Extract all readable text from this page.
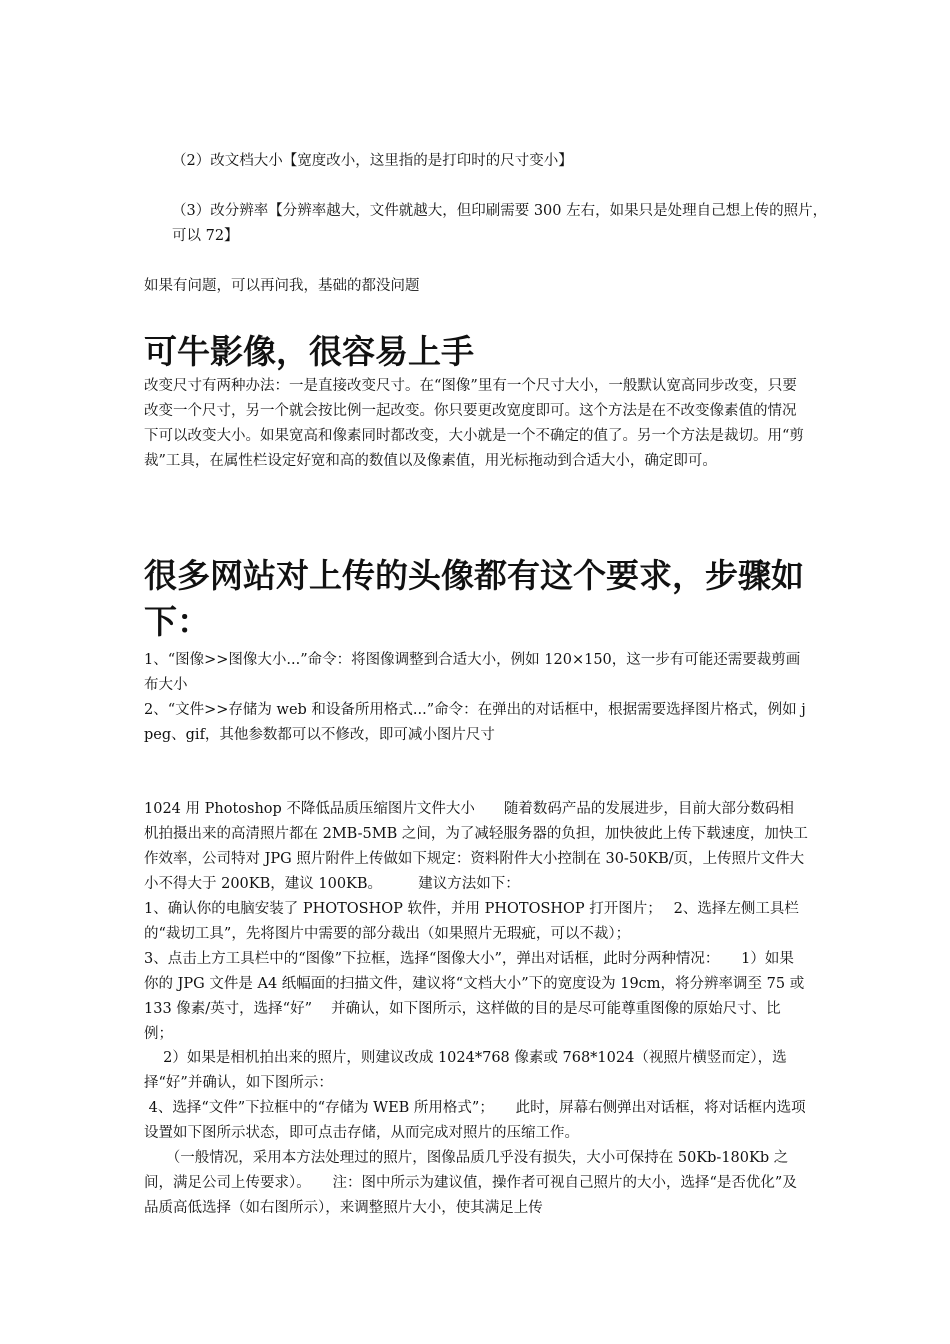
（2）改文档大小【宽度改小，这里指的是打印时的尺寸变小】

（3）改分辨率【分辨率越大，文件就越大，但印刷需要 300 左右，如果只是处理自己想上传的照片，可以 72】

如果有问题，可以再问我，基础的都没问题

可牛影像，很容易上手

改变尺寸有两种办法：一是直接改变尺寸。在“图像”里有一个尺寸大小，一般默认宽高同步改变，只要改变一个尺寸，另一个就会按比例一起改变。你只要更改宽度即可。这个方法是在不改变像素值的情况下可以改变大小。如果宽高和像素同时都改变，大小就是一个不确定的值了。另一个方法是裁切。用“剪裁”工具，在属性栏设定好宽和高的数值以及像素值，用光标拖动到合适大小，确定即可。

很多网站对上传的头像都有这个要求，步骤如下：

1、“图像>>图像大小...”命令：将图像调整到合适大小，例如 120×150，这一步有可能还需要裁剪画布大小

2、“文件>>存储为 web 和设备所用格式...”命令：在弹出的对话框中，根据需要选择图片格式，例如 jpeg、gif，其他参数都可以不修改，即可减小图片尺寸

1024 用 Photoshop 不降低品质压缩图片文件大小　　随着数码产品的发展进步，目前大部分数码相机拍摄出来的高清照片都在 2MB-5MB 之间，为了减轻服务器的负担，加快彼此上传下载速度，加快工作效率，公司特对 JPG 照片附件上传做如下规定：资料附件大小控制在 30-50KB/页，上传照片文件大小不得大于 200KB，建议 100KB。　　　建议方法如下：

1、确认你的电脑安装了 PHOTOSHOP 软件，并用 PHOTOSHOP 打开图片；　 2、选择左侧工具栏的“裁切工具”，先将图片中需要的部分裁出（如果照片无瑕疵，可以不裁）；

3、点击上方工具栏中的“图像”下拉框，选择“图像大小”，弹出对话框，此时分两种情况：　　1）如果你的 JPG 文件是 A4 纸幅面的扫描文件，建议将“文档大小”下的宽度设为 19cm，将分辨率调至 75 或 133 像素/英寸，选择“好”　 并确认，如下图所示，这样做的目的是尽可能尊重图像的原始尺寸、比例；

　 2）如果是相机拍出来的照片，则建议改成 1024*768 像素或 768*1024（视照片横竖而定），选择“好”并确认，如下图所示：

4、选择“文件”下拉框中的“存储为 WEB 所用格式”；　　此时，屏幕右侧弹出对话框，将对话框内选项设置如下图所示状态，即可点击存储，从而完成对照片的压缩工作。

　　（一般情况，采用本方法处理过的照片，图像品质几乎没有损失，大小可保持在 50Kb-180Kb 之间，满足公司上传要求）。　　注：图中所示为建议值，操作者可视自己照片的大小，选择“是否优化”及品质高低选择（如右图所示），来调整照片大小，使其满足上传
